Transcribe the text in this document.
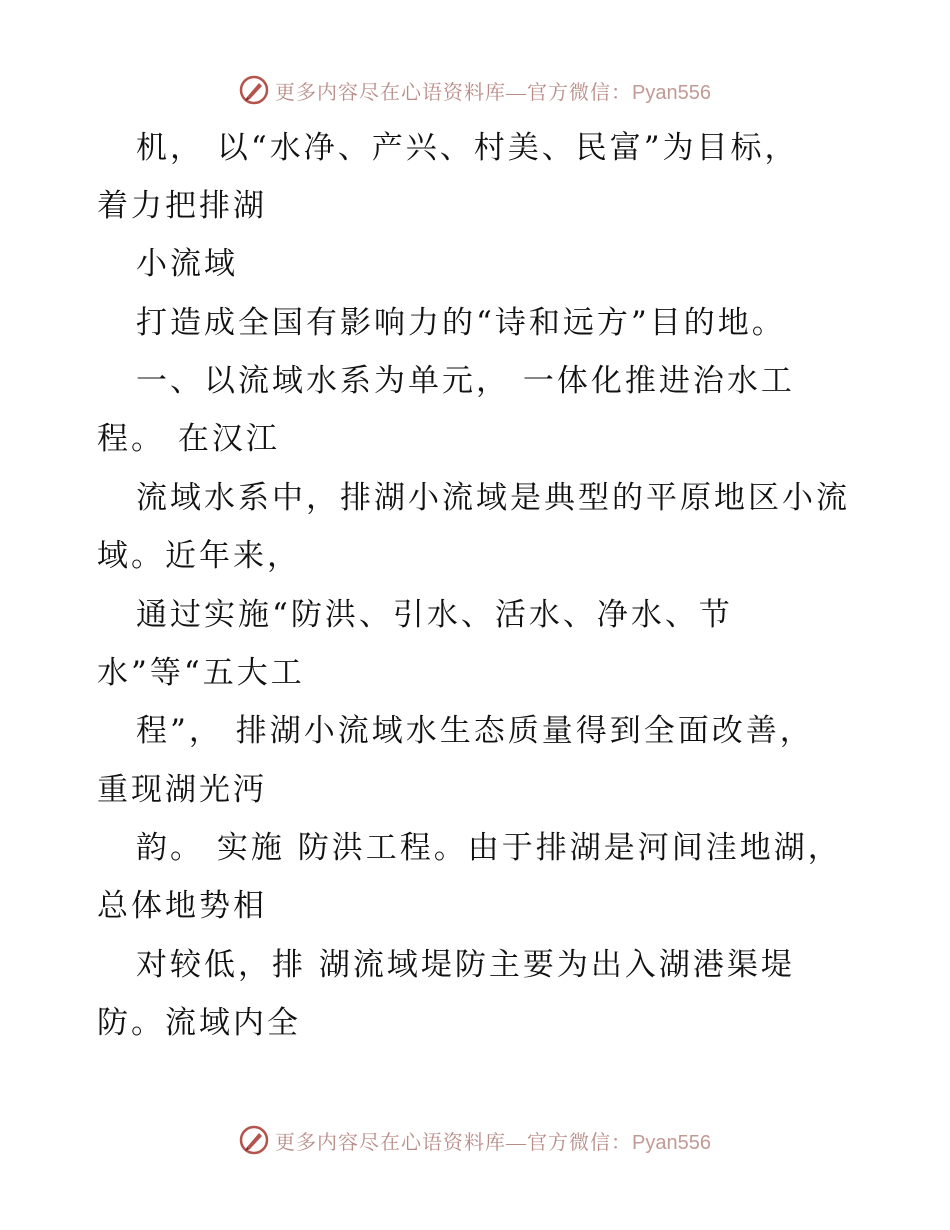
更多内容尽在心语资料库—官方微信：Pyan556
机， 以“水净、产兴、村美、民富”为目标，
着力把排湖
小流域
打造成全国有影响力的“诗和远方”目的地。
一、以流域水系为单元， 一体化推进治水工
程。 在汉江
流域水系中，排湖小流域是典型的平原地区小流
域。近年来，
通过实施“防洪、引水、活水、净水、节
水”等“五大工
程”， 排湖小流域水生态质量得到全面改善，
重现湖光沔
韵。 实施 防洪工程。由于排湖是河间洼地湖，
总体地势相
对较低，排 湖流域堤防主要为出入湖港渠堤
防。流域内全
更多内容尽在心语资料库—官方微信：Pyan556
